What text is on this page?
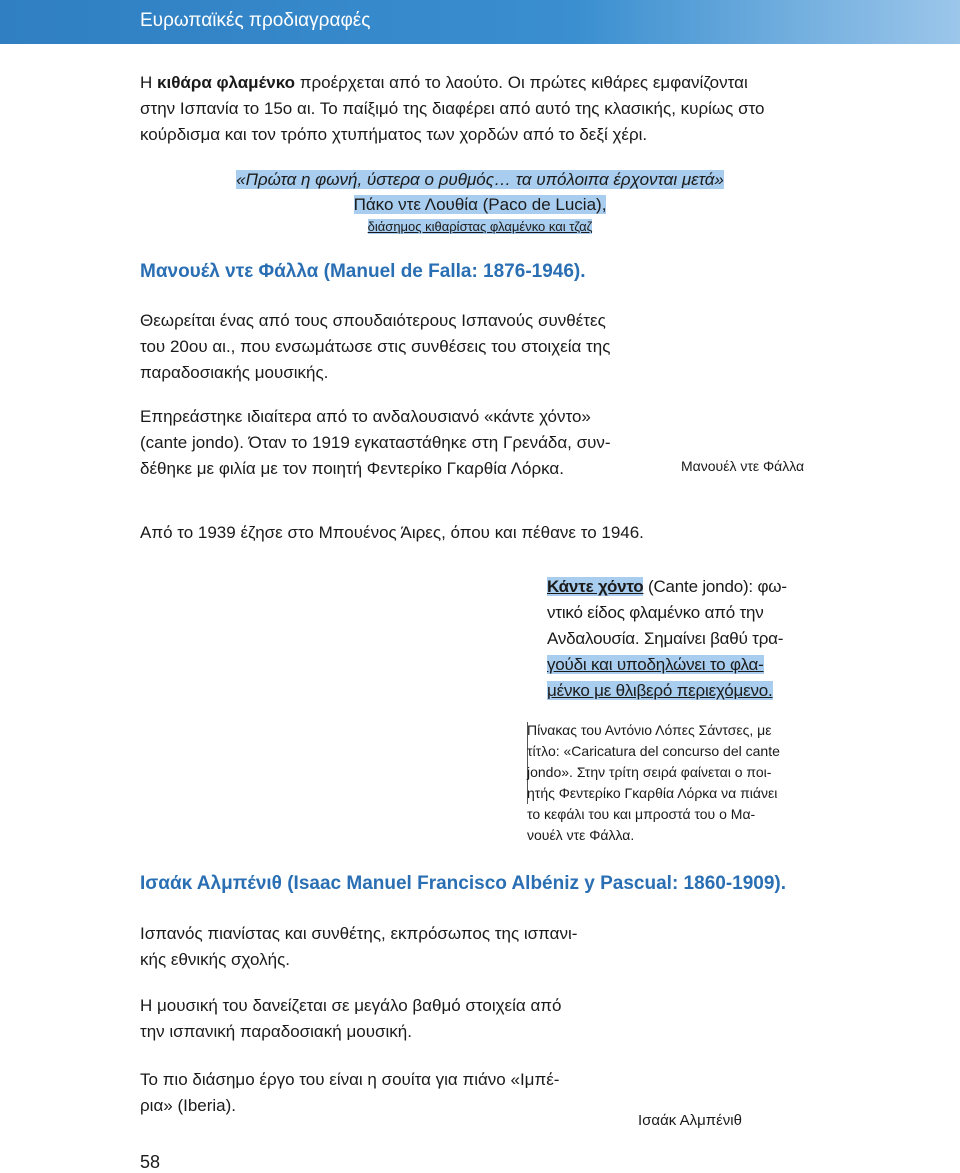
Ευρωπαϊκές προδιαγραφές
Η κιθάρα φλαμένκο προέρχεται από το λαούτο. Οι πρώτες κιθάρες εμφανίζονται
στην Ισπανία το 15ο αι. Το παίξιμό της διαφέρει από αυτό της κλασικής, κυρίως στο
κούρδισμα και τον τρόπο χτυπήματος των χορδών από το δεξί χέρι.
«Πρώτα η φωνή, ύστερα ο ρυθμός… τα υπόλοιπα έρχονται μετά»
Πάκο ντε Λουθία (Paco de Lucia),
διάσημος κιθαρίστας φλαμένκο και τζαζ
Μανουέλ ντε Φάλλα (Manuel de Falla: 1876-1946).
Θεωρείται ένας από τους σπουδαιότερους Ισπανούς συνθέτες
του 20ου αι., που ενσωμάτωσε στις συνθέσεις του στοιχεία της
παραδοσιακής μουσικής.
Επηρεάστηκε ιδιαίτερα από το ανδαλουσιανό «κάντε χόντο»
(cante jondo). Όταν το 1919 εγκαταστάθηκε στη Γρενάδα, συν-
δέθηκε με φιλία με τον ποιητή Φεντερίκο Γκαρθία Λόρκα.	Μανουέλ ντε Φάλλα
Από το 1939 έζησε στο Μπουένος Άιρες, όπου και πέθανε το 1946.
Κάντε χόντο (Cante jondo): φω-
ντικό είδος φλαμένκο από την
Ανδαλουσία. Σημαίνει βαθύ τρα-
γούδι και υποδηλώνει το φλα-
μένκο με θλιβερό περιεχόμενο.
Πίνακας του Αντόνιο Λόπες Σάντσες, με
τίτλο: «Caricatura del concurso del cante
jondo». Στην τρίτη σειρά φαίνεται ο ποι-
ητής Φεντερίκο Γκαρθία Λόρκα να πιάνει
το κεφάλι του και μπροστά του ο Μα-
νουέλ ντε Φάλλα.
Ισαάκ Αλμπένιθ (Isaac Manuel Francisco Albéniz y Pascual: 1860-1909).
Ισπανός πιανίστας και συνθέτης, εκπρόσωπος της ισπανι-
κής εθνικής σχολής.
Η μουσική του δανείζεται σε μεγάλο βαθμό στοιχεία από
την ισπανική παραδοσιακή μουσική.
Το πιο διάσημο έργο του είναι η σουίτα για πιάνο «Ιμπέ-
ρια» (Iberia).
Ισαάκ Αλμπένιθ
58
